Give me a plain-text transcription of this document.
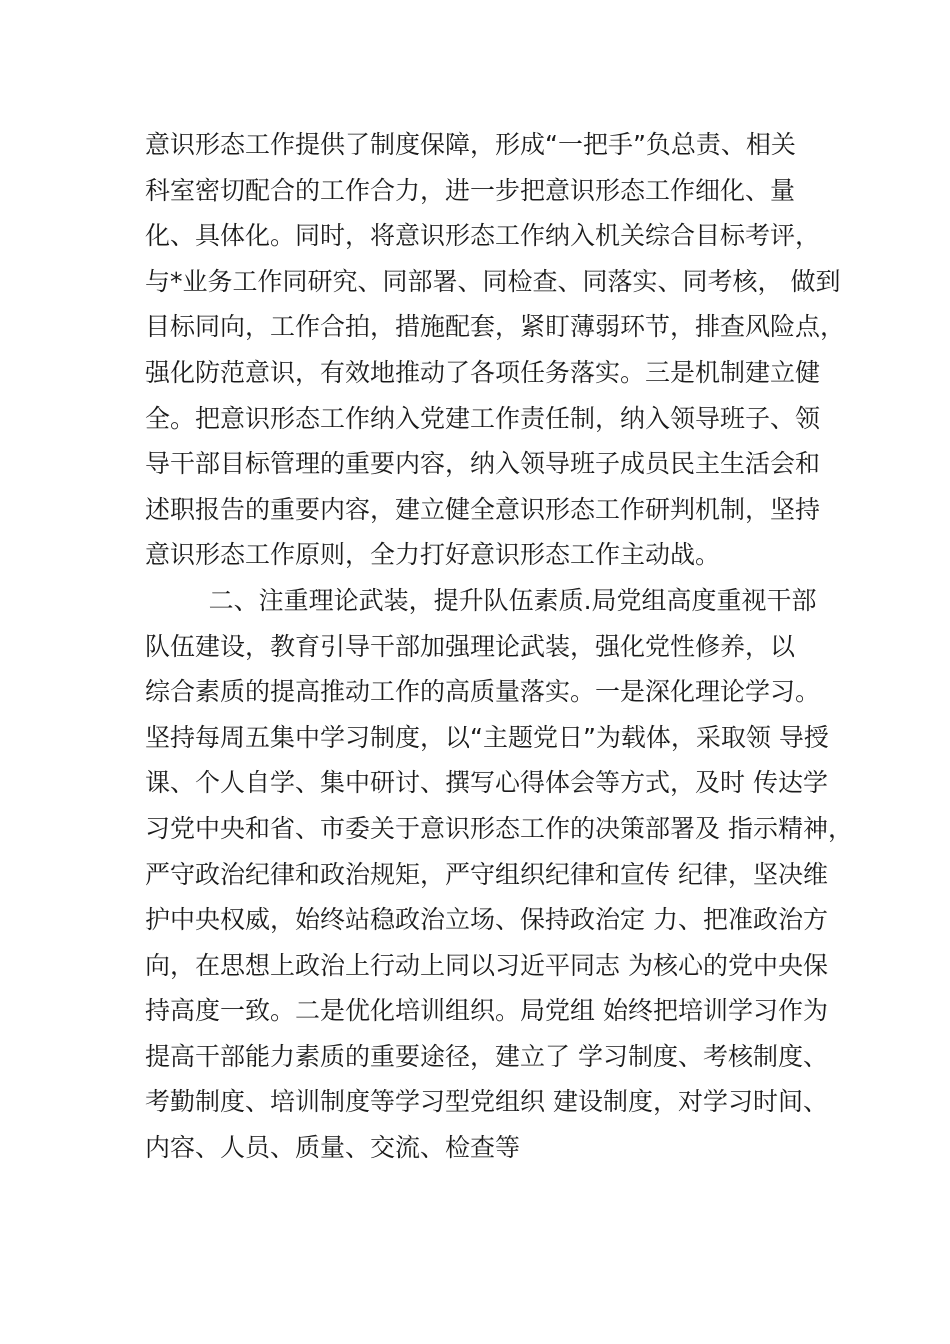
意识形态工作提供了制度保障，形成“一把手”负总责、相关
科室密切配合的工作合力，进一步把意识形态工作细化、量
化、具体化。同时，将意识形态工作纳入机关综合目标考评，
与*业务工作同研究、同部署、同检查、同落实、同考核， 做到
目标同向，工作合拍，措施配套，紧盯薄弱环节，排查风险点，
强化防范意识，有效地推动了各项任务落实。三是机制建立健
全。把意识形态工作纳入党建工作责任制，纳入领导班子、领
导干部目标管理的重要内容，纳入领导班子成员民主生活会和
述职报告的重要内容，建立健全意识形态工作研判机制，坚持
意识形态工作原则，全力打好意识形态工作主动战。
二、注重理论武装，提升队伍素质.局党组高度重视干部
队伍建设，教育引导干部加强理论武装，强化党性修养，以
综合素质的提高推动工作的高质量落实。一是深化理论学习。
坚持每周五集中学习制度，以“主题党日”为载体，采取领 导授
课、个人自学、集中研讨、撰写心得体会等方式，及时 传达学
习党中央和省、市委关于意识形态工作的决策部署及 指示精神，
严守政治纪律和政治规矩，严守组织纪律和宣传 纪律，坚决维
护中央权威，始终站稳政治立场、保持政治定 力、把准政治方
向，在思想上政治上行动上同以习近平同志 为核心的党中央保
持高度一致。二是优化培训组织。局党组 始终把培训学习作为
提高干部能力素质的重要途径，建立了 学习制度、考核制度、
考勤制度、培训制度等学习型党组织 建设制度，对学习时间、
内容、人员、质量、交流、检查等
